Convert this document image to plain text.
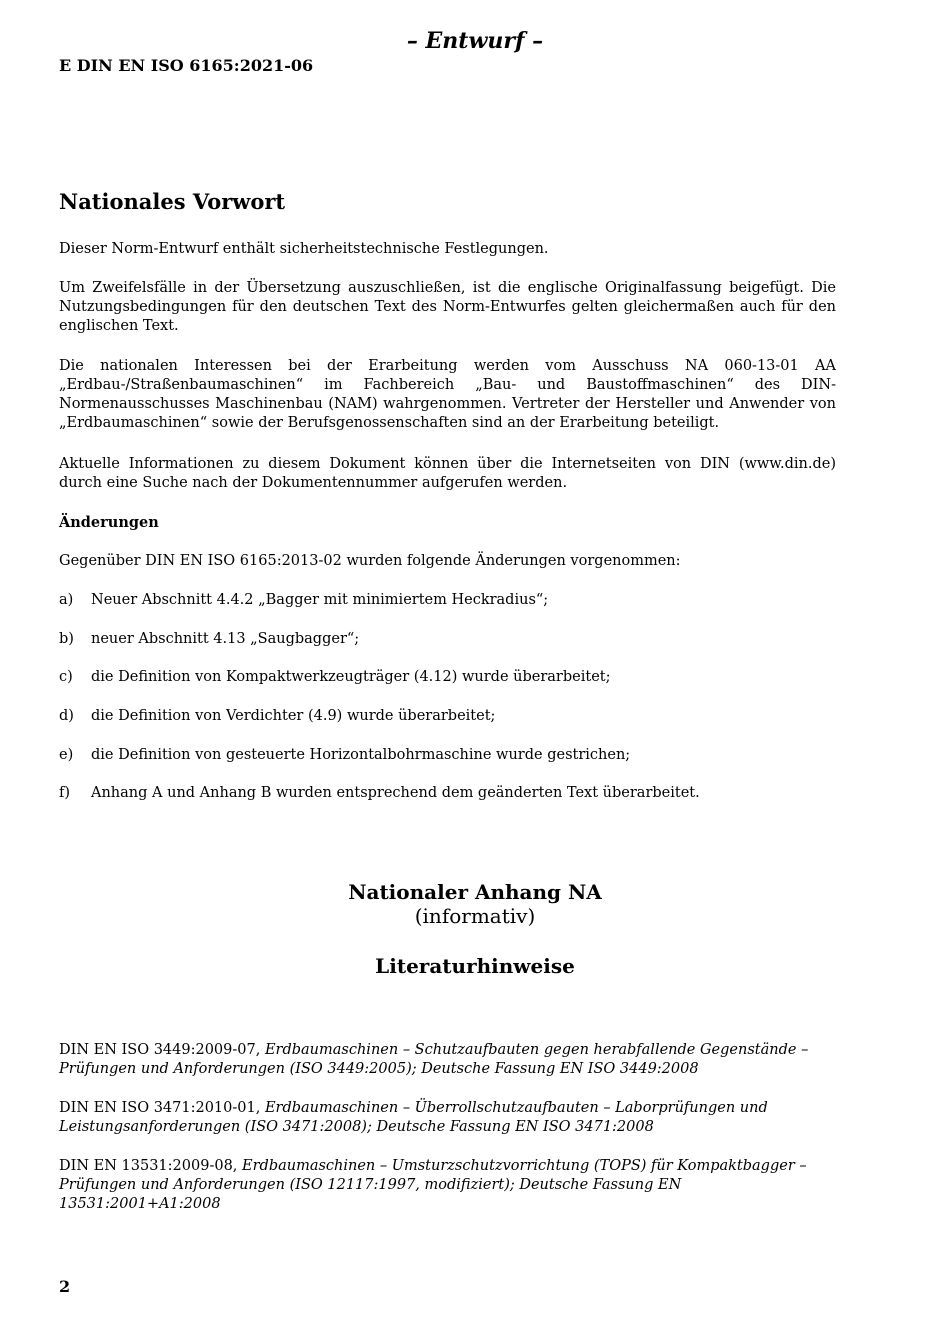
– Entwurf –
E DIN EN ISO 6165:2021-06
Nationales Vorwort

Dieser Norm-Entwurf enthält sicherheitstechnische Festlegungen.

Um Zweifelsfälle in der Übersetzung auszuschließen, ist die englische Originalfassung beigefügt. Die Nutzungsbedingungen für den deutschen Text des Norm-Entwurfes gelten gleichermaßen auch für den englischen Text.

Die nationalen Interessen bei der Erarbeitung werden vom Ausschuss NA 060-13-01 AA „Erdbau-/Straßenbaumaschinen“ im Fachbereich „Bau- und Baustoffmaschinen“ des DIN-Normenausschusses Maschinenbau (NAM) wahrgenommen. Vertreter der Hersteller und Anwender von „Erdbaumaschinen“ sowie der Berufsgenossenschaften sind an der Erarbeitung beteiligt.

Aktuelle Informationen zu diesem Dokument können über die Internetseiten von DIN (www.din.de) durch eine Suche nach der Dokumentennummer aufgerufen werden.

Änderungen

Gegenüber DIN EN ISO 6165:2013-02 wurden folgende Änderungen vorgenommen:

a) Neuer Abschnitt 4.4.2 „Bagger mit minimiertem Heckradius“;
b) neuer Abschnitt 4.13 „Saugbagger“;
c) die Definition von Kompaktwerkzeugträger (4.12) wurde überarbeitet;
d) die Definition von Verdichter (4.9) wurde überarbeitet;
e) die Definition von gesteuerte Horizontalbohrmaschine wurde gestrichen;
f) Anhang A und Anhang B wurden entsprechend dem geänderten Text überarbeitet.
Nationaler Anhang NA
(informativ)
Literaturhinweise

DIN EN ISO 3449:2009-07, Erdbaumaschinen – Schutzaufbauten gegen herabfallende Gegenstände – Prüfungen und Anforderungen (ISO 3449:2005); Deutsche Fassung EN ISO 3449:2008

DIN EN ISO 3471:2010-01, Erdbaumaschinen – Überrollschutzaufbauten – Laborprüfungen und Leistungsanforderungen (ISO 3471:2008); Deutsche Fassung EN ISO 3471:2008

DIN EN 13531:2009-08, Erdbaumaschinen – Umsturzschutzvorrichtung (TOPS) für Kompaktbagger – Prüfungen und Anforderungen (ISO 12117:1997, modifiziert); Deutsche Fassung EN 13531:2001+A1:2008

2
